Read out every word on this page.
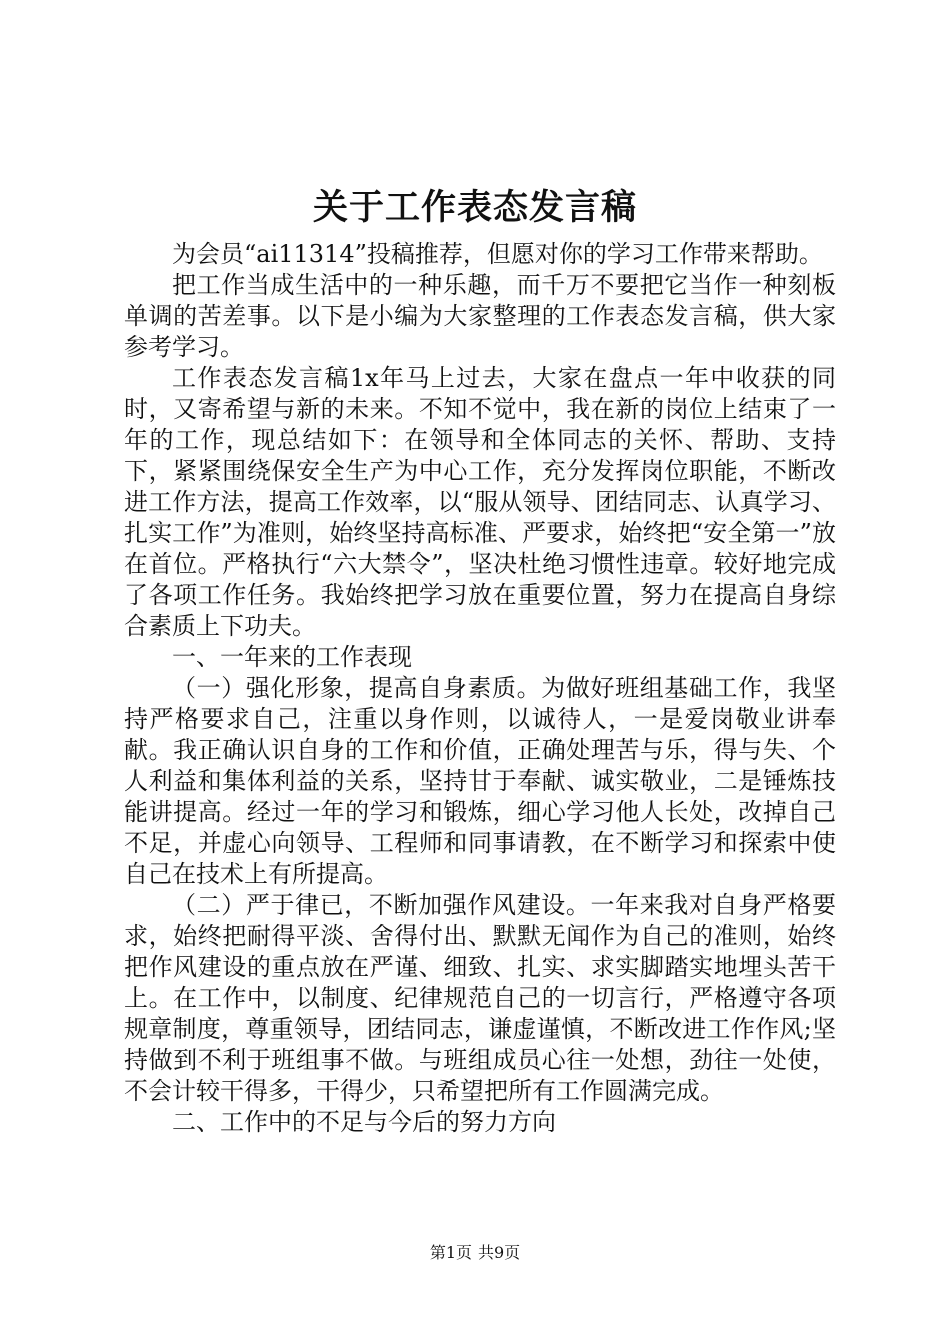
关于工作表态发言稿

为会员“ai11314”投稿推荐，但愿对你的学习工作带来帮助。

把工作当成生活中的一种乐趣，而千万不要把它当作一种刻板单调的苦差事。以下是小编为大家整理的工作表态发言稿，供大家参考学习。

工作表态发言稿1x年马上过去，大家在盘点一年中收获的同时，又寄希望与新的未来。不知不觉中，我在新的岗位上结束了一年的工作，现总结如下：在领导和全体同志的关怀、帮助、支持下，紧紧围绕保安全生产为中心工作，充分发挥岗位职能，不断改进工作方法，提高工作效率，以“服从领导、团结同志、认真学习、扎实工作”为准则，始终坚持高标准、严要求，始终把“安全第一”放在首位。严格执行“六大禁令”，坚决杜绝习惯性违章。较好地完成了各项工作任务。我始终把学习放在重要位置，努力在提高自身综合素质上下功夫。

一、一年来的工作表现

（一）强化形象，提高自身素质。为做好班组基础工作，我坚持严格要求自己，注重以身作则，以诚待人，一是爱岗敬业讲奉献。我正确认识自身的工作和价值，正确处理苦与乐，得与失、个人利益和集体利益的关系，坚持甘于奉献、诚实敬业，二是锤炼技能讲提高。经过一年的学习和锻炼，细心学习他人长处，改掉自己不足，并虚心向领导、工程师和同事请教，在不断学习和探索中使自己在技术上有所提高。

（二）严于律已，不断加强作风建设。一年来我对自身严格要求，始终把耐得平淡、舍得付出、默默无闻作为自己的准则，始终把作风建设的重点放在严谨、细致、扎实、求实脚踏实地埋头苦干上。在工作中，以制度、纪律规范自己的一切言行，严格遵守各项规章制度，尊重领导，团结同志，谦虚谨慎，不断改进工作作风;坚持做到不利于班组事不做。与班组成员心往一处想，劲往一处使，不会计较干得多，干得少，只希望把所有工作圆满完成。

二、工作中的不足与今后的努力方向

第1页 共9页
